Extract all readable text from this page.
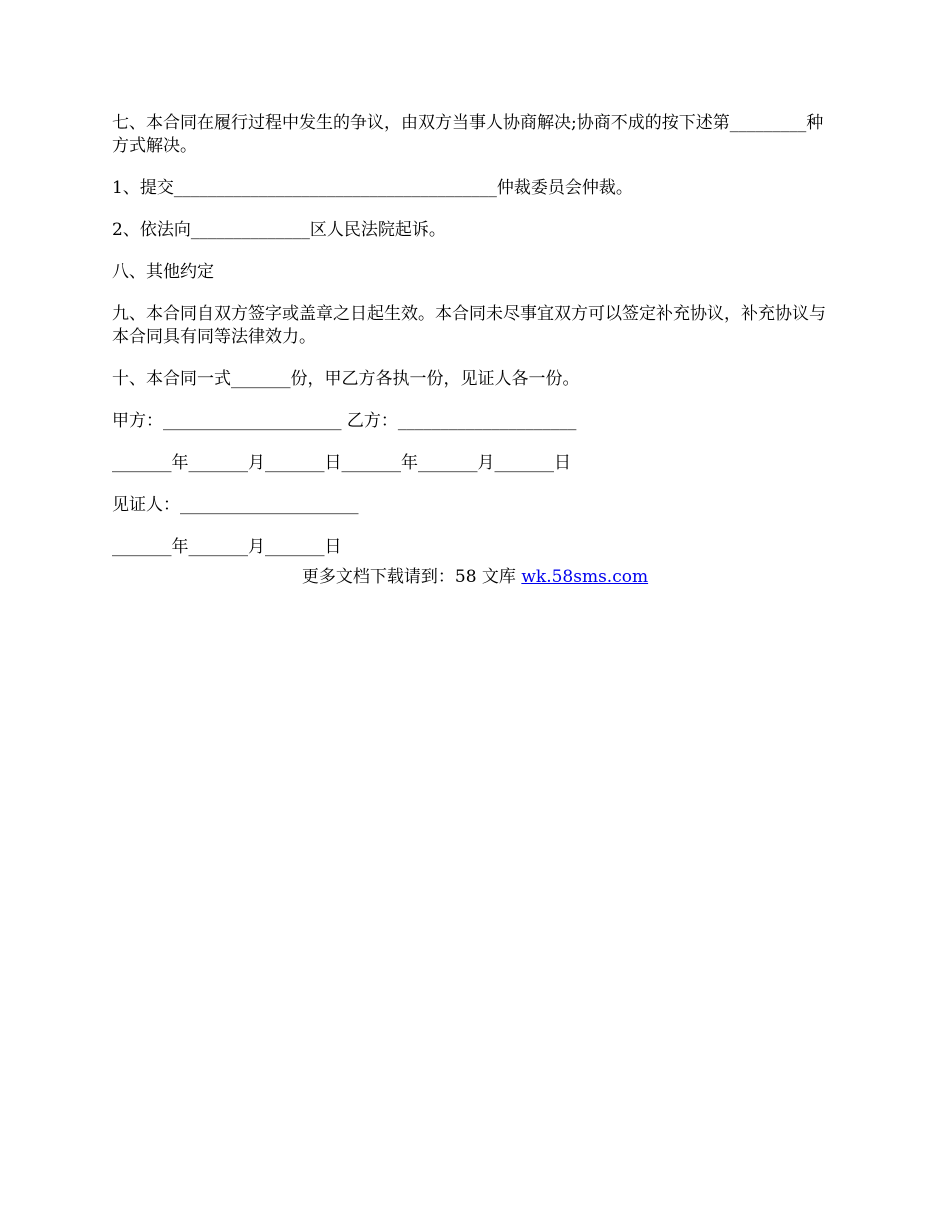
七、本合同在履行过程中发生的争议，由双方当事人协商解决;协商不成的按下述第_________种方式解决。

1、提交______________________________________仲裁委员会仲裁。

2、依法向______________区人民法院起诉。

八、其他约定

九、本合同自双方签字或盖章之日起生效。本合同未尽事宜双方可以签定补充协议，补充协议与本合同具有同等法律效力。

十、本合同一式_______份，甲乙方各执一份，见证人各一份。

甲方：_____________________ 乙方：_____________________

_______年_______月_______日_______年_______月_______日

见证人：_____________________

_______年_______月_______日

更多文档下载请到：58 文库 wk.58sms.com
